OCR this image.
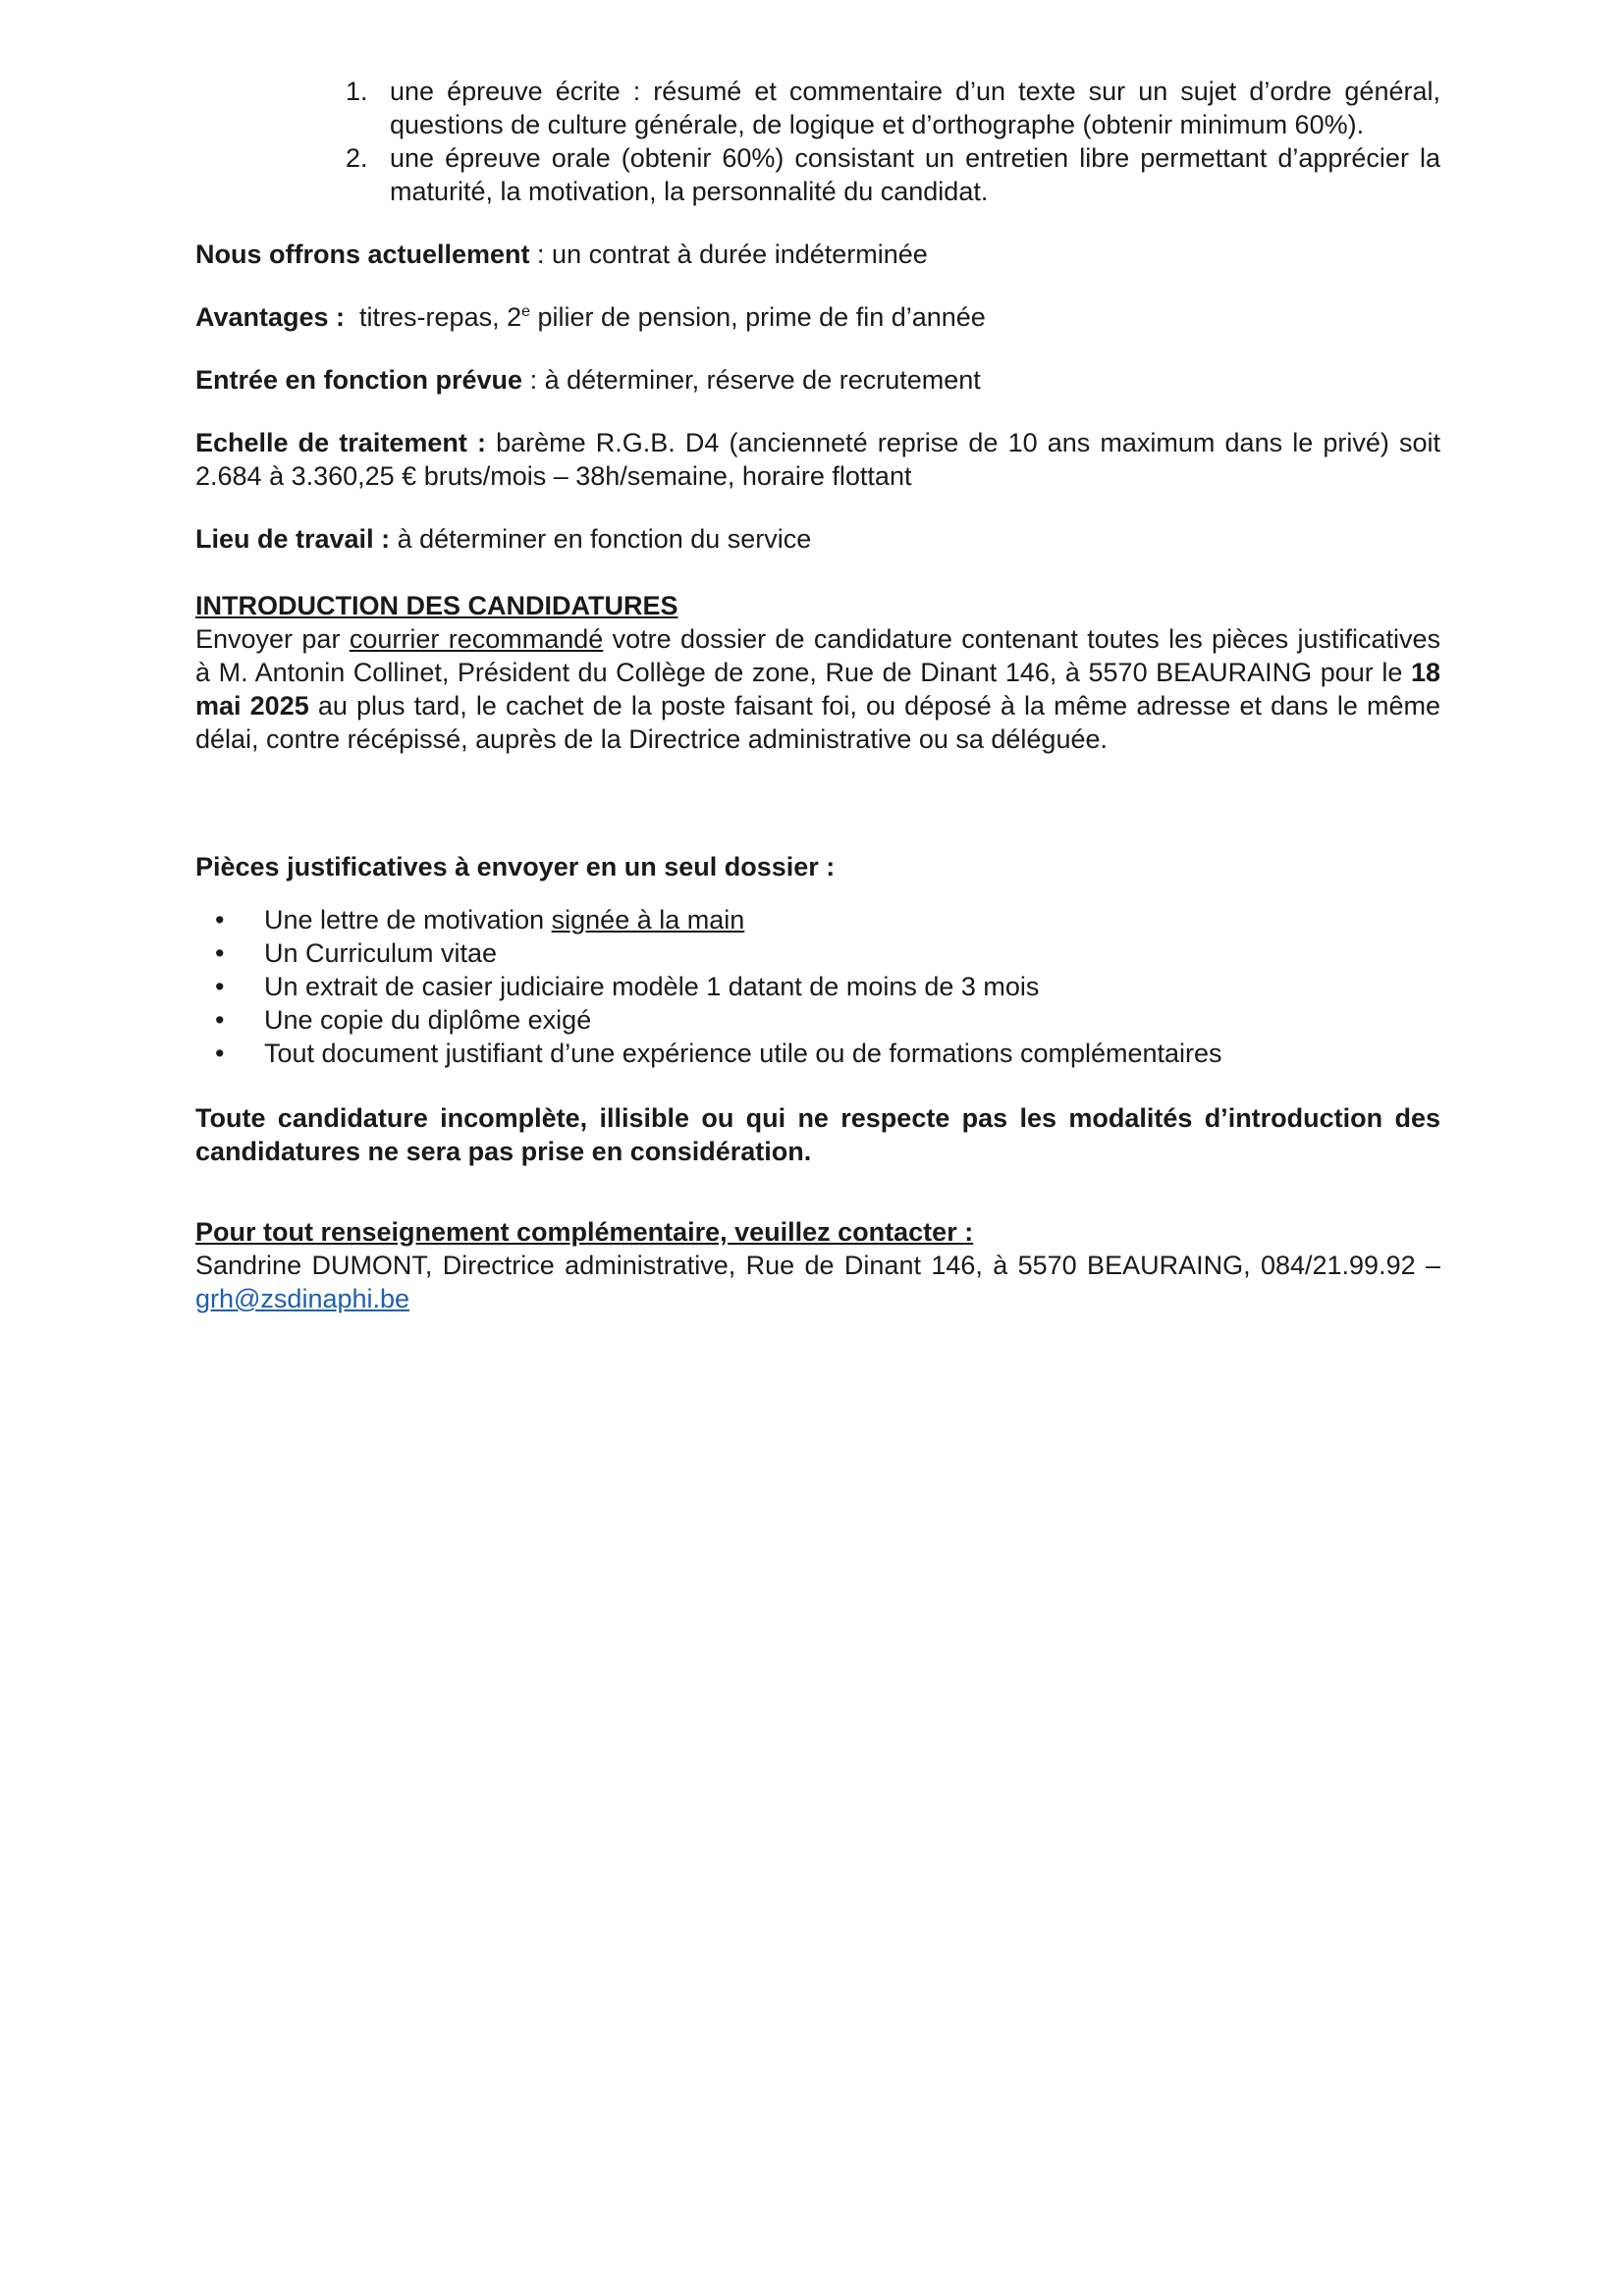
1. une épreuve écrite : résumé et commentaire d’un texte sur un sujet d’ordre général, questions de culture générale, de logique et d’orthographe (obtenir minimum 60%).
2. une épreuve orale (obtenir 60%) consistant un entretien libre permettant d’apprécier la maturité, la motivation, la personnalité du candidat.

Nous offrons actuellement : un contrat à durée indéterminée

Avantages :  titres-repas, 2e pilier de pension, prime de fin d’année

Entrée en fonction prévue : à déterminer, réserve de recrutement

Echelle de traitement : barème R.G.B. D4 (ancienneté reprise de 10 ans maximum dans le privé) soit 2.684 à 3.360,25 € bruts/mois – 38h/semaine, horaire flottant

Lieu de travail : à déterminer en fonction du service

INTRODUCTION DES CANDIDATURES

Envoyer par courrier recommandé votre dossier de candidature contenant toutes les pièces justificatives à M. Antonin Collinet, Président du Collège de zone, Rue de Dinant 146, à 5570 BEAURAING pour le 18 mai 2025 au plus tard, le cachet de la poste faisant foi, ou déposé à la même adresse et dans le même délai, contre récépissé, auprès de la Directrice administrative ou sa déléguée.

Pièces justificatives à envoyer en un seul dossier :

• Une lettre de motivation signée à la main
• Un Curriculum vitae
• Un extrait de casier judiciaire modèle 1 datant de moins de 3 mois
• Une copie du diplôme exigé
• Tout document justifiant d’une expérience utile ou de formations complémentaires

Toute candidature incomplète, illisible ou qui ne respecte pas les modalités d’introduction des candidatures ne sera pas prise en considération.

Pour tout renseignement complémentaire, veuillez contacter :

Sandrine DUMONT, Directrice administrative, Rue de Dinant 146, à 5570 BEAURAING, 084/21.99.92 – grh@zsdinaphi.be
